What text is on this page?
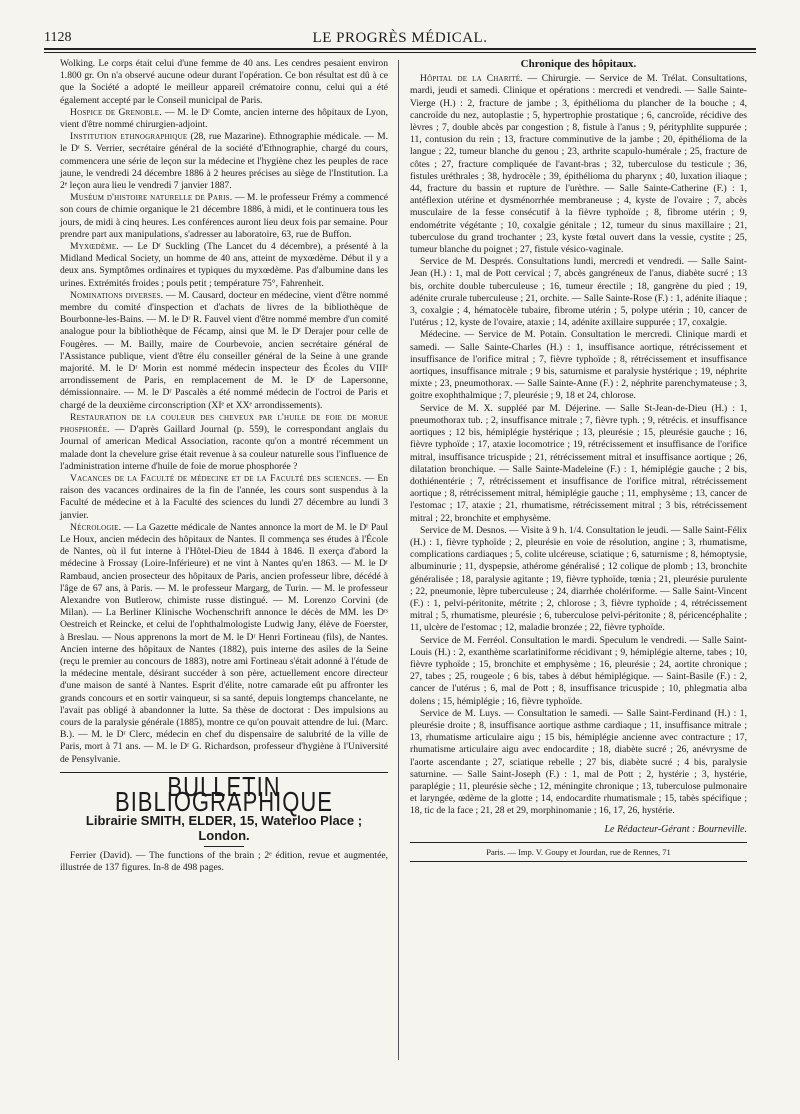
1128	LE PROGRÈS MÉDICAL.

Wolking. Le corps était celui d'une femme de 40 ans. Les cendres pesaient environ 1.800 gr. On n'a observé aucune odeur durant l'opération. Ce bon résultat est dû à ce que la Société a adopté le meilleur appareil crématoire connu, celui qui a été également accepté par le Conseil municipal de Paris.

Hospice de Grenoble. — M. le Dʳ Comte, ancien interne des hôpitaux de Lyon, vient d'être nommé chirurgien-adjoint.

Institution ethnographique (28, rue Mazarine). Ethnographie médicale. — M. le Dʳ S. Verrier, secrétaire général de la société d'Ethnographie, chargé du cours, commencera une série de leçon sur la médecine et l'hygiène chez les peuples de race jaune, le vendredi 24 décembre 1886 à 2 heures précises au siège de l'Institution. La 2ᵉ leçon aura lieu le vendredi 7 janvier 1887.

Muséum d'histoire naturelle de Paris. — M. le professeur Frémy a commencé son cours de chimie organique le 21 décembre 1886, à midi, et le continuera tous les jours, de midi à cinq heures. Les conférences auront lieu deux fois par semaine. Pour prendre part aux manipulations, s'adresser au laboratoire, 63, rue de Buffon.

Myxœdème. — Le Dʳ Suckling (The Lancet du 4 décembre), a présenté à la Midland Medical Society, un homme de 40 ans, atteint de myxœdème. Début il y a deux ans. Symptômes ordinaires et typiques du myxœdème. Pas d'albumine dans les urines. Extrémités froides ; pouls petit ; température 75°, Fahrenheit.

Nominations diverses. — M. Causard, docteur en médecine, vient d'être nommé membre du comité d'inspection et d'achats de livres de la bibliothèque de Bourbonne-les-Bains. — M. le Dʳ R. Fauvel vient d'être nommé membre d'un comité analogue pour la bibliothèque de Fécamp, ainsi que M. le Dʳ Derajer pour celle de Fougères. — M. Bailly, maire de Courbevoie, ancien secrétaire général de l'Assistance publique, vient d'être élu conseiller général de la Seine à une grande majorité. M. le Dʳ Morin est nommé médecin inspecteur des Écoles du VIIIᵉ arrondissement de Paris, en remplacement de M. le Dʳ de Lapersonne, démissionnaire. — M. le Dʳ Pascalès a été nommé médecin de l'octroi de Paris et chargé de la deuxième circonscription (XIᵉ et XXᵉ arrondissements).

Restauration de la couleur des cheveux par l'huile de foie de morue phosphorée. — D'après Gaillard Journal (p. 559), le correspondant anglais du Journal of american Medical Association, raconte qu'on a montré récemment un malade dont la chevelure grise était revenue à sa couleur naturelle sous l'influence de l'administration interne d'huile de foie de morue phosphorée ?

Vacances de la Faculté de médecine et de la Faculté des sciences. — En raison des vacances ordinaires de la fin de l'année, les cours sont suspendus à la Faculté de médecine et à la Faculté des sciences du lundi 27 décembre au lundi 3 janvier.

Nécrologie. — La Gazette médicale de Nantes annonce la mort de M. le Dʳ Paul Le Houx, ancien médecin des hôpitaux de Nantes. Il commença ses études à l'École de Nantes, où il fut interne à l'Hôtel-Dieu de 1844 à 1846. Il exerça d'abord la médecine à Frossay (Loire-Inférieure) et ne vint à Nantes qu'en 1863. — M. le Dʳ Rambaud, ancien prosecteur des hôpitaux de Paris, ancien professeur libre, décédé à l'âge de 67 ans, à Paris. — M. le professeur Margarg, de Turin. — M. le professeur Alexandre von Butlerow, chimiste russe distingué. — M. Lorenzo Corvini (de Milan). — La Berliner Klinische Wochenschrift annonce le décès de MM. les Dʳˢ Oestreich et Reincke, et celui de l'ophthalmologiste Ludwig Jany, élève de Foerster, à Breslau. — Nous apprenons la mort de M. le Dʳ Henri Fortineau (fils), de Nantes. Ancien interne des hôpitaux de Nantes (1882), puis interne des asiles de la Seine (reçu le premier au concours de 1883), notre ami Fortineau s'était adonné à l'étude de la médecine mentale, désirant succéder à son père, actuellement encore directeur d'une maison de santé à Nantes. Esprit d'élite, notre camarade eût pu affronter les grands concours et en sortir vainqueur, si sa santé, depuis longtemps chancelante, ne l'avait pas obligé à abandonner la lutte. Sa thèse de doctorat : Des impulsions au cours de la paralysie générale (1885), montre ce qu'on pouvait attendre de lui. (Marc. B.). — M. le Dʳ Clerc, médecin en chef du dispensaire de salubrité de la ville de Paris, mort à 71 ans. — M. le Dʳ G. Richardson, professeur d'hygiène à l'Université de Pensylvanie.

BULLETIN BIBLIOGRAPHIQUE
Librairie SMITH, ELDER, 15, Waterloo Place ; London.

Ferrier (David). — The functions of the brain ; 2ᵉ édition, revue et augmentée, illustrée de 137 figures. In-8 de 498 pages.

Chronique des hôpitaux.

Hôpital de la Charité. — Chirurgie. — Service de M. Trélat. Consultations, mardi, jeudi et samedi. Clinique et opérations : mercredi et vendredi. — Salle Sainte-Vierge (H.) : 2, fracture de jambe ; 3, épithélioma du plancher de la bouche ; 4, cancroïde du nez, autoplastie ; 5, hypertrophie prostatique ; 6, cancroïde, récidive des lèvres ; 7, double abcès par congestion ; 8, fistule à l'anus ; 9, pérityphlite suppurée ; 11, contusion du rein ; 13, fracture comminutive de la jambe ; 20, épithélioma de la langue ; 22, tumeur blanche du genou ; 23, arthrite scapulo-humérale ; 25, fracture de côtes ; 27, fracture compliquée de l'avant-bras ; 32, tuberculose du testicule ; 36, fistules uréthrales ; 38, hydrocèle ; 39, épithélioma du pharynx ; 40, luxation iliaque ; 44, fracture du bassin et rupture de l'urèthre. — Salle Sainte-Catherine (F.) : 1, antéflexion utérine et dysménorrhée membraneuse ; 4, kyste de l'ovaire ; 7, abcès musculaire de la fesse consécutif à la fièvre typhoïde ; 8, fibrome utérin ; 9, endométrite végétante ; 10, coxalgie génitale ; 12, tumeur du sinus maxillaire ; 21, tuberculose du grand trochanter ; 23, kyste fœtal ouvert dans la vessie, cystite ; 25, tumeur blanche du poignet ; 27, fistule vésico-vaginale.

Service de M. Després. Consultations lundi, mercredi et vendredi. — Salle Saint-Jean (H.) : 1, mal de Pott cervical ; 7, abcès gangréneux de l'anus, diabète sucré ; 13 bis, orchite double tuberculeuse ; 16, tumeur érectile ; 18, gangrène du pied ; 19, adénite crurale tuberculeuse ; 21, orchite. — Salle Sainte-Rose (F.) : 1, adénite iliaque ; 3, coxalgie ; 4, hématocèle tubaire, fibrome utérin ; 5, polype utérin ; 10, cancer de l'utérus ; 12, kyste de l'ovaire, ataxie ; 14, adénite axillaire suppurée ; 17, coxalgie.

Médecine. — Service de M. Potain. Consultation le mercredi. Clinique mardi et samedi. — Salle Sainte-Charles (H.) : 1, insuffisance aortique, rétrécissement et insuffisance de l'orifice mitral ; 7, fièvre typhoïde ; 8, rétrécissement et insuffisance aortiques, insuffisance mitrale ; 9 bis, saturnisme et paralysie hystérique ; 19, néphrite mixte ; 23, pneumothorax. — Salle Sainte-Anne (F.) : 2, néphrite parenchymateuse ; 3, goitre exophthalmique ; 7, pleurésie ; 9, 18 et 24, chlorose.

Service de M. X. suppléé par M. Déjerine. — Salle St-Jean-de-Dieu (H.) : 1, pneumothorax tub. ; 2, insuffisance mitrale ; 7, fièvre typh. ; 9, rétrécis. et insuffisance aortiques ; 12 bis, hémiplégie hystérique ; 13, pleurésie ; 15, pleurésie gauche ; 16, fièvre typhoïde ; 17, ataxie locomotrice ; 19, rétrécissement et insuffisance de l'orifice mitral, insuffisance tricuspide ; 21, rétrécissement mitral et insuffisance aortique ; 26, dilatation bronchique. — Salle Sainte-Madeleine (F.) : 1, hémiplégie gauche ; 2 bis, dothiénentérie ; 7, rétrécissement et insuffisance de l'orifice mitral, rétrécissement aortique ; 8, rétrécissement mitral, hémiplégie gauche ; 11, emphysème ; 13, cancer de l'estomac ; 17, ataxie ; 21, rhumatisme, rétrécissement mitral ; 3 bis, rétrécissement mitral ; 22, bronchite et emphysème.

Service de M. Desnos. — Visite à 9 h. 1/4. Consultation le jeudi. — Salle Saint-Félix (H.) : 1, fièvre typhoïde ; 2, pleurésie en voie de résolution, angine ; 3, rhumatisme, complications cardiaques ; 5, colite ulcéreuse, sciatique ; 6, saturnisme ; 8, hémoptysie, albuminurie ; 11, dyspepsie, athérome généralisé ; 12 colique de plomb ; 13, bronchite généralisée ; 18, paralysie agitante ; 19, fièvre typhoïde, tœnia ; 21, pleurésie purulente ; 22, pneumonie, lèpre tuberculeuse ; 24, diarrhée cholériforme. — Salle Saint-Vincent (F.) : 1, pelvi-péritonite, métrite ; 2, chlorose ; 3, fièvre typhoïde ; 4, rétrécissement mitral ; 5, rhumatisme, pleurésie ; 6, tuberculose pelvi-péritonite ; 8, péricencéphalite ; 11, ulcère de l'estomac ; 12, maladie bronzée ; 22, fièvre typhoïde.

Service de M. Ferréol. Consultation le mardi. Speculum le vendredi. — Salle Saint-Louis (H.) : 2, exanthème scarlatiniforme récidivant ; 9, hémiplégie alterne, tabes ; 10, fièvre typhoïde ; 15, bronchite et emphysème ; 16, pleurésie ; 24, aortite chronique ; 27, tabes ; 25, rougeole ; 6 bis, tabes à début hémiplégique. — Saint-Basile (F.) : 2, cancer de l'utérus ; 6, mal de Pott ; 8, insuffisance tricuspide ; 10, phlegmatia alba dolens ; 15, hémiplégie ; 16, fièvre typhoïde.

Service de M. Luys. — Consultation le samedi. — Salle Saint-Ferdinand (H.) : 1, pleurésie droite ; 8, insuffisance aortique asthme cardiaque ; 11, insuffisance mitrale ; 13, rhumatisme articulaire aigu ; 15 bis, hémiplégie ancienne avec contracture ; 17, rhumatisme articulaire aigu avec endocardite ; 18, diabète sucré ; 26, anévrysme de l'aorte ascendante ; 27, sciatique rebelle ; 27 bis, diabète sucré ; 4 bis, paralysie saturnine. — Salle Saint-Joseph (F.) : 1, mal de Pott ; 2, hystérie ; 3, hystérie, paraplégie ; 11, pleurésie sèche ; 12, méningite chronique ; 13, tuberculose pulmonaire et laryngée, œdème de la glotte ; 14, endocardite rhumatismale ; 15, tabès spécifique ; 18, tic de la face ; 21, 28 et 29, morphinomanie ; 16, 17, 26, hystérie.

Le Rédacteur-Gérant : Bourneville.
Paris. — Imp. V. Goupy et Jourdan, rue de Rennes, 71
